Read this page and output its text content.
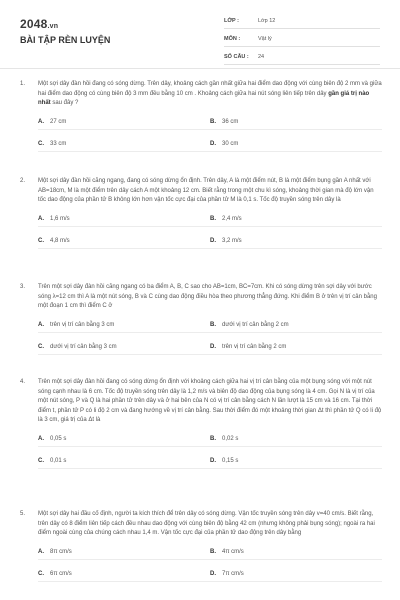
2048.vn
BÀI TẬP RÈN LUYỆN
LỚP :	Lớp 12
MÔN :	Vật lý
SỐ CÂU :	24
1.	Một sợi dây đàn hồi đang có sóng dừng. Trên dây, khoảng cách gần nhất giữa hai điểm dao động với cùng biên độ 2 mm và giữa hai điểm dao động có cùng biên độ 3 mm đều bằng 10 cm . Khoảng cách giữa hai nút sóng liên tiếp trên dây gần giá trị nào nhất sau đây ?
A.	27 cm	B.	36 cm
C.	33 cm	D.	30 cm
2.	Một sợi dây đàn hồi căng ngang, đang có sóng dừng ổn định. Trên dây, A là một điểm nút, B là một điểm bụng gần A nhất với AB=18cm, M là một điểm trên dây cách A một khoảng 12 cm. Biết rằng trong một chu kì sóng, khoảng thời gian mà độ lớn vận tốc dao động của phần tử B không lớn hơn vận tốc cực đại của phần tử M là 0,1 s. Tốc độ truyền sóng trên dây là
A.	1,6 m/s	B.	2,4 m/s
C.	4,8 m/s	D.	3,2 m/s
3.	Trên một sợi dây đàn hồi căng ngang có ba điểm A, B, C sao cho AB=1cm, BC=7cm. Khi có sóng dừng trên sợi dây với bước sóng λ=12 cm thì A là một nút sóng, B và C cùng dao động điều hòa theo phương thẳng đứng. Khi điểm B ở trên vị trí cân bằng một đoạn 1 cm thì điểm C ở
A.	trên vị trí cân bằng 3 cm	B.	dưới vị trí cân bằng 2 cm
C.	dưới vị trí cân bằng 3 cm	D.	trên vị trí cân bằng 2 cm
4.	Trên một sợi dây đàn hồi đang có sóng dừng ổn định với khoảng cách giữa hai vị trí cân bằng của một bụng sóng với một nút sóng cạnh nhau là 6 cm. Tốc độ truyền sóng trên dây là 1,2 m/s và biên độ dao động của bụng sóng là 4 cm. Gọi N là vị trí của một nút sóng, P và Q là hai phần tử trên dây và ở hai bên của N có vị trí cân bằng cách N lần lượt là 15 cm và 16 cm. Tại thời điểm t, phần tử P có li độ 2 cm và đang hướng về vị trí cân bằng. Sau thời điểm đó một khoảng thời gian Δt thì phần tử Q có li độ là 3 cm, giá trị của Δt là
A.	0,05 s	B.	0,02 s
C.	0,01 s	D.	0,15 s
5.	Một sợi dây hai đầu cố định, người ta kích thích để trên dây có sóng dừng. Vận tốc truyền sóng trên dây v=40 cm/s. Biết rằng, trên dây có 8 điểm liên tiếp cách đều nhau dao động với cùng biên độ bằng 42 cm (nhưng không phải bụng sóng); ngoài ra hai điểm ngoài cùng của chúng cách nhau 1,4 m. Vận tốc cực đại của phần tử dao động trên dây bằng
A.	8π cm/s	B.	4π cm/s
C.	6π cm/s	D.	7π cm/s
